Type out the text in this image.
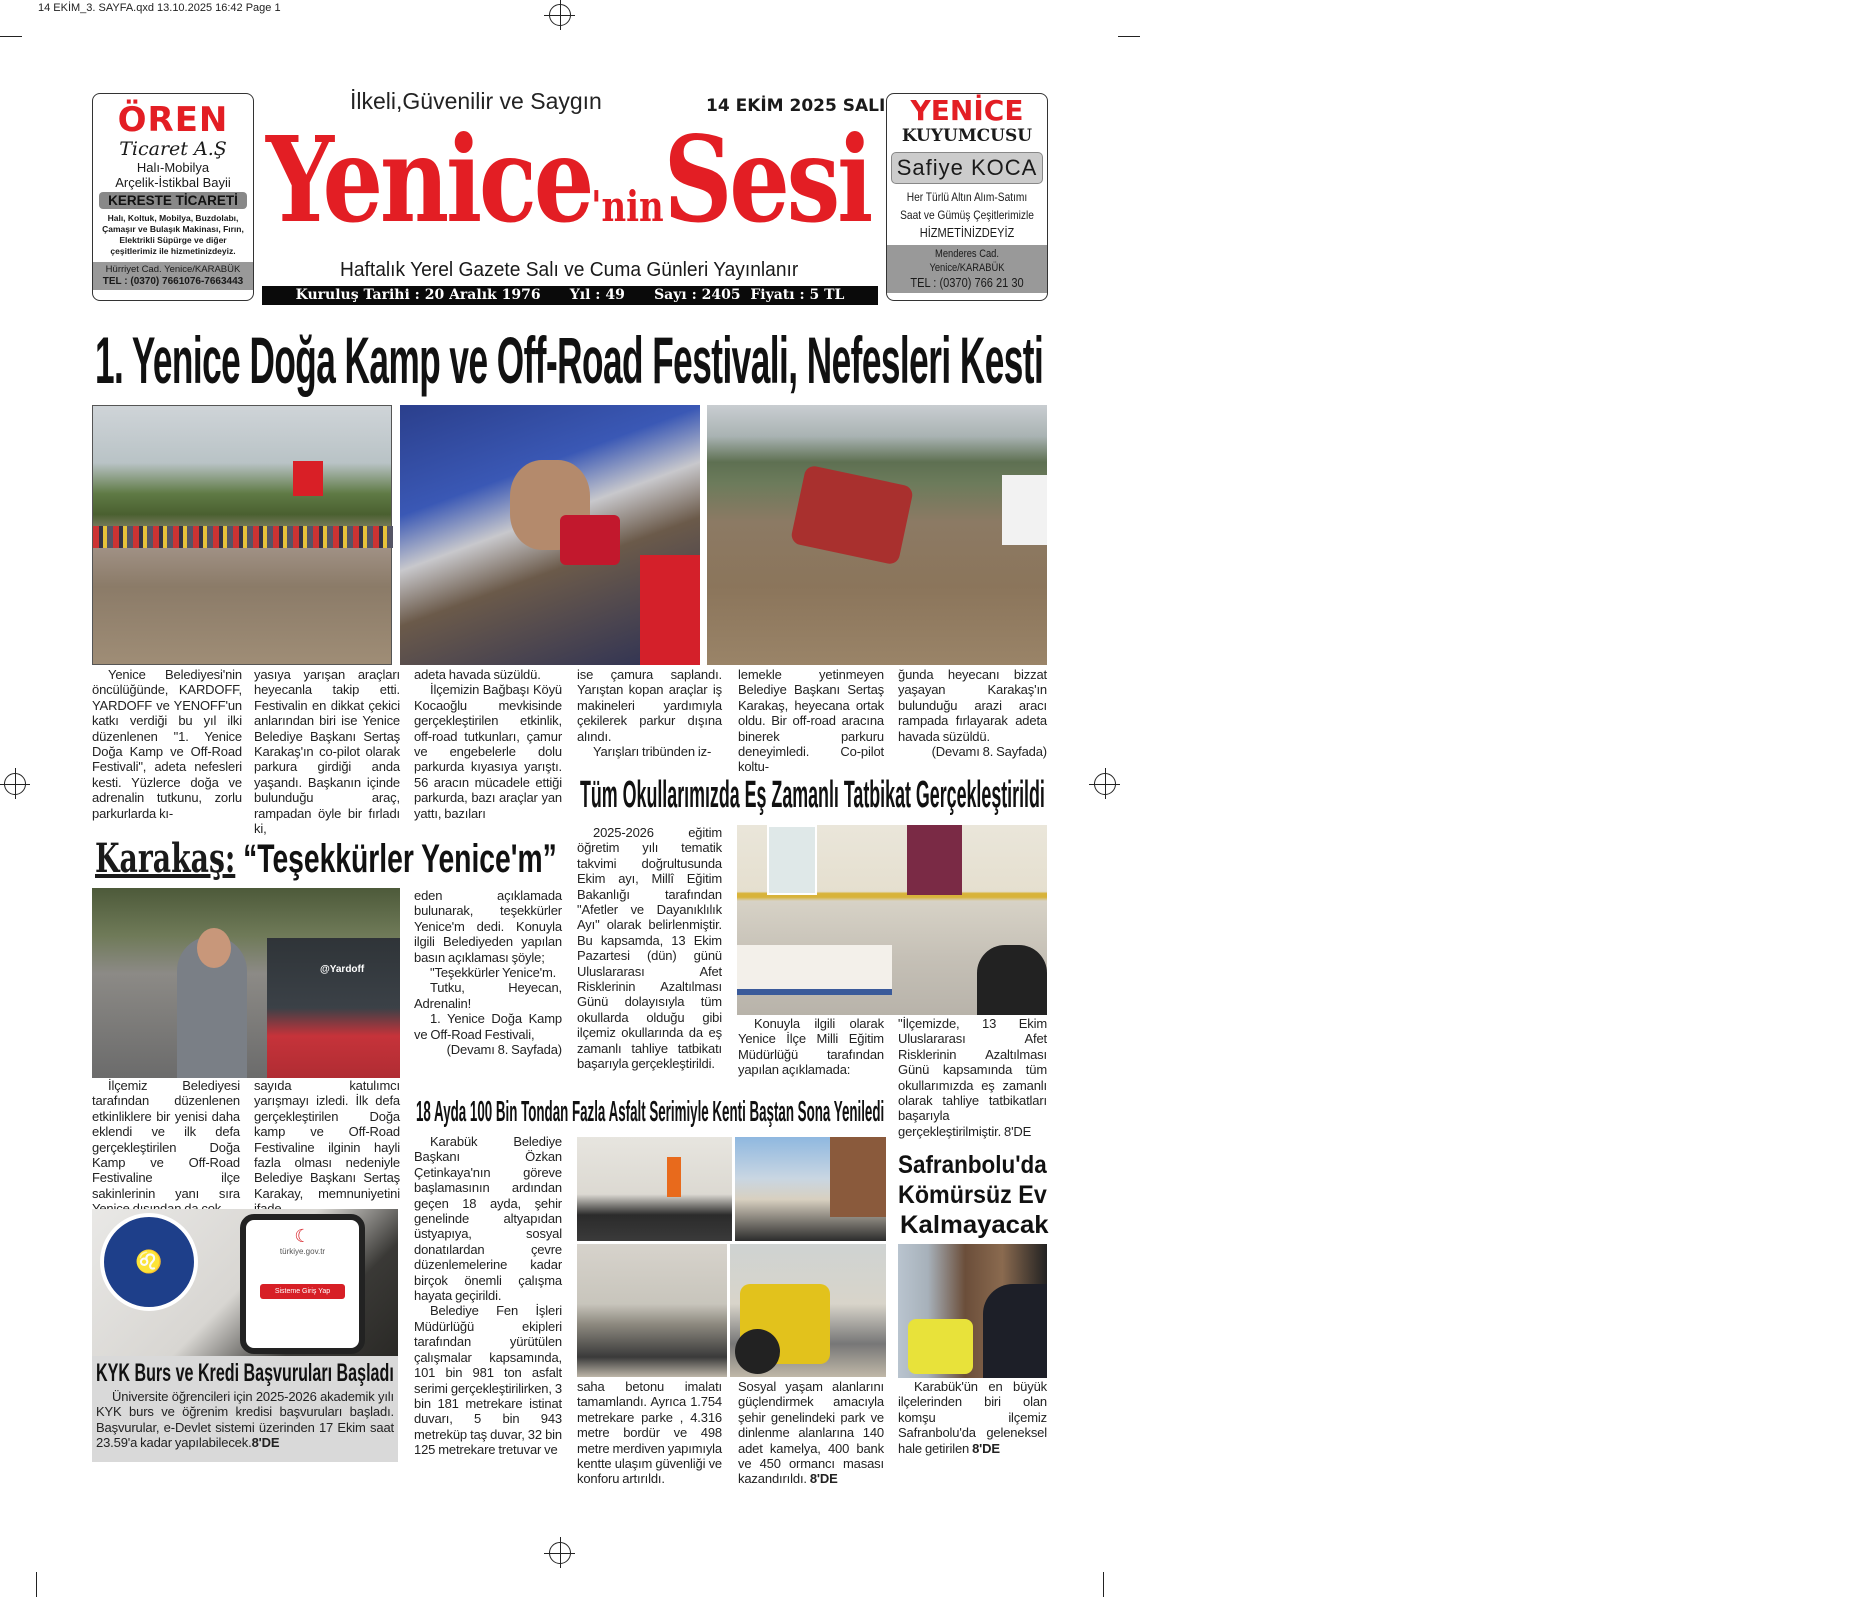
14 EKİM_3. SAYFA.qxd 13.10.2025 16:42 Page 1
ÖREN
Ticaret A.Ş
Halı-Mobilya
Arçelik-İstikbal Bayii
KERESTE TİCARETİ
Halı, Koltuk, Mobilya, Buzdolabı, Çamaşır ve Bulaşık Makinası, Fırın, Elektrikli Süpürge ve diğer çeşitlerimiz ile hizmetinizdeyiz.
Hürriyet Cad. Yenice/KARABÜK
TEL : (0370) 7661076-7663443
YENİCE
KUYUMCUSU
Safiye KOCA
Her Türlü Altın Alım-Satımı
Saat ve Gümüş Çeşitlerimizle
HİZMETİNİZDEYİZ
Menderes Cad. Yenice/KARABÜK
TEL : (0370) 766 21 30
İlkeli,Güvenilir ve Saygın	14 EKİM 2025 SALI
Yenice'ninSesi
Haftalık Yerel Gazete Salı ve Cuma Günleri Yayınlanır
Kuruluş Tarihi : 20 Aralık 1976      Yıl : 49      Sayı : 2405  Fiyatı : 5 TL
1. Yenice Doğa Kamp ve Off-Road Festivali, Nefesleri Kesti

Yenice Belediyesi'nin öncülüğünde, KARDOFF, YARDOFF ve YENOFF'un katkı verdiği bu yıl ilki düzenlenen "1. Yenice Doğa Kamp ve Off-Road Festivali", adeta nefesleri kesti. Yüzlerce doğa ve adrenalin tutkunu, zorlu parkurlarda kı-

yasıya yarışan araçları heyecanla takip etti. Festivalin en dikkat çekici anlarından biri ise Yenice Belediye Başkanı Sertaş Karakaş'ın co-pilot olarak parkura girdiği anda yaşandı. Başkanın içinde bulunduğu araç, rampadan öyle bir fırladı ki,

adeta havada süzüldü.

İlçemizin Bağbaşı Köyü Kocaoğlu mevkisinde gerçekleştirilen etkinlik, off-road tutkunları, çamur ve engebelerle dolu parkurda kıyasıya yarıştı. 56 aracın mücadele ettiği parkurda, bazı araçlar yan yattı, bazıları

ise çamura saplandı. Yarıştan kopan araçlar iş makineleri yardımıyla çekilerek parkur dışına alındı.

Yarışları tribünden iz-

lemekle yetinmeyen Belediye Başkanı Sertaş Karakaş, heyecana ortak oldu. Bir off-road aracına binerek parkuru deneyimledi. Co-pilot koltu-

ğunda heyecanı bizzat yaşayan Karakaş'ın bulunduğu arazi aracı rampada fırlayarak adeta havada süzüldü.

(Devamı 8. Sayfada)

Tüm Okullarımızda Eş Zamanlı Tatbikat Gerçekleştirildi

2025-2026 eğitim öğretim yılı tematik takvimi doğrultusunda Ekim ayı, Millî Eğitim Bakanlığı tarafından "Afetler ve Dayanıklılık Ayı" olarak belirlenmiştir. Bu kapsamda, 13 Ekim Pazartesi (dün) günü Uluslararası Afet Risklerinin Azaltılması Günü dolayısıyla tüm okullarda olduğu gibi ilçemiz okullarında da eş zamanlı tahliye tatbikatı başarıyla gerçekleştirildi.

Konuyla ilgili olarak Yenice İlçe Milli Eğitim Müdürlüğü tarafından yapılan açıklamada:

"İlçemizde, 13 Ekim Uluslararası Afet Risklerinin Azaltılması Günü kapsamında tüm okullarımızda eş zamanlı olarak tahliye tatbikatları başarıyla gerçekleştirilmiştir. 8'DE

Karakaş: “Teşekkürler Yenice'm”
@Yardoff

eden açıklamada bulunarak, teşekkürler Yenice'm dedi. Konuyla ilgili Belediyeden yapılan basın açıklaması şöyle;

"Teşekkürler Yenice'm.

Tutku, Heyecan, Adrenalin!

1. Yenice Doğa Kamp ve Off-Road Festivali,

(Devamı 8. Sayfada)

İlçemiz Belediyesi tarafından düzenlenen etkinliklere bir yenisi daha eklendi ve ilk defa gerçekleştirilen Doğa Kamp ve Off-Road Festivaline ilçe sakinlerinin yanı sıra

sayıda katulımcı yarışmayı izledi. İlk defa gerçekleştirilen Doğa kamp ve Off-Road Festivaline ilginin hayli fazla olması nedeniyle Belediye Başkanı Sertaş Karakay, memnuniyetini

18 Ayda 100 Bin Tondan Fazla Asfalt Serimiyle Kenti Baştan Sona Yeniledi

Karabük Belediye Başkanı Özkan Çetinkaya'nın göreve başlamasının ardından geçen 18 ayda, şehir genelinde altyapıdan üstyapıya, sosyal donatılardan çevre düzenlemelerine kadar birçok önemli çalışma hayata geçirildi.

Belediye Fen İşleri Müdürlüğü ekipleri tarafından yürütülen çalışmalar kapsamında, 101 bin 981 ton asfalt serimi gerçekleştirilirken, 3 bin 181 metrekare istinat duvarı, 5 bin 943 metreküp taş duvar, 32 bin 125 metrekare tretuvar ve

saha betonu imalatı tamamlandı. Ayrıca 1.754 metrekare parke , 4.316 metre bordür ve 498 metre merdiven yapımıyla kentte ulaşım güvenliği ve konforu artırıldı.

Sosyal yaşam alanlarını güçlendirmek amacıyla şehir genelindeki park ve dinlenme alanlarına 140 adet kamelya, 400 bank ve 450 ormancı masası kazandırıldı. 8'DE

Safranbolu'da
Kömürsüz Ev
Kalmayacak

Karabük'ün en büyük ilçelerinden biri olan komşu ilçemiz Safranbolu'da geleneksel hale getirilen 8'DE

♌
☾
türkiye.gov.tr
Sisteme Giriş Yap
KYK Burs ve Kredi Başvuruları Başladı

Üniversite öğrencileri için 2025-2026 akademik yılı KYK burs ve öğrenim kredisi başvuruları başladı. Başvurular, e-Devlet sistemi üzerinden 17 Ekim saat 23.59'a kadar yapılabilecek.8'DE
